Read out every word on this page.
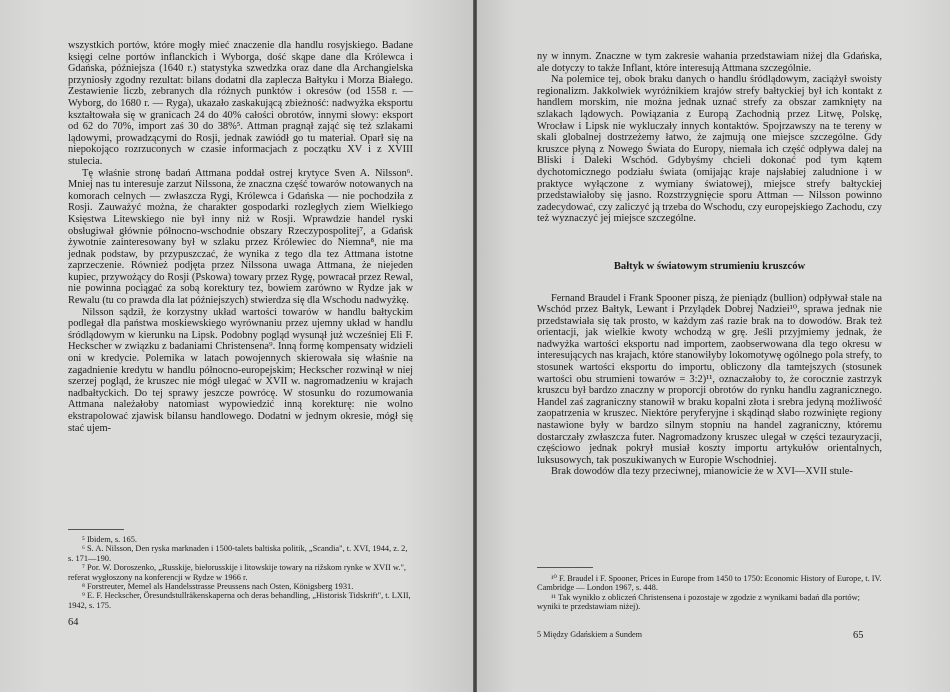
wszystkich portów, które mogły mieć znaczenie dla handlu rosyjskiego. Badane księgi celne portów inflanckich i Wyborga, dość skąpe dane dla Królewca i Gdańska, późniejsza (1640 r.) statystyka szwedzka oraz dane dla Archangielska przyniosły zgodny rezultat: bilans dodatni dla zaplecza Bałtyku i Morza Białego. Zestawienie liczb, zebranych dla różnych punktów i okresów (od 1558 r. — Wyborg, do 1680 r. — Ryga), ukazało zaskakującą zbieżność: nadwyżka eksportu kształtowała się w granicach 24 do 40% całości obrotów, innymi słowy: eksport od 62 do 70%, import zaś 30 do 38%⁵. Attman pragnął zająć się też szlakami lądowymi, prowadzącymi do Rosji, jednak zawiódł go tu materiał. Oparł się na niepokojąco rozrzuconych w czasie informacjach z początku XV i z XVIII stulecia.

Tę właśnie stronę badań Attmana poddał ostrej krytyce Sven A. Nilsson⁶. Mniej nas tu interesuje zarzut Nilssona, że znaczna część towarów notowanych na komorach celnych — zwłaszcza Rygi, Królewca i Gdańska — nie pochodziła z Rosji. Zauważyć można, że charakter gospodarki rozległych ziem Wielkiego Księstwa Litewskiego nie był inny niż w Rosji. Wprawdzie handel ryski obsługiwał głównie północno-wschodnie obszary Rzeczypospolitej⁷, a Gdańsk żywotnie zainteresowany był w szlaku przez Królewiec do Niemna⁸, nie ma jednak podstaw, by przypuszczać, że wynika z tego dla tez Attmana istotne zaprzeczenie. Również podjęta przez Nilssona uwaga Attmana, że niejeden kupiec, przywożący do Rosji (Pskowa) towary przez Rygę, powracał przez Rewal, nie powinna pociągać za sobą korektury tez, bowiem zarówno w Rydze jak w Rewalu (tu co prawda dla lat późniejszych) stwierdza się dla Wschodu nadwyżkę.

Nilsson sądził, że korzystny układ wartości towarów w handlu bałtyckim podlegał dla państwa moskiewskiego wyrównaniu przez ujemny układ w handlu śródlądowym w kierunku na Lipsk. Podobny pogląd wysunął już wcześniej Eli F. Heckscher w związku z badaniami Christensena⁹. Inną formę kompensaty widzieli oni w kredycie. Polemika w latach powojennych skierowała się właśnie na zagadnienie kredytu w handlu północno-europejskim; Heckscher rozwinął w niej szerzej pogląd, że kruszec nie mógł ulegać w XVII w. nagromadzeniu w krajach nadbałtyckich. Do tej sprawy jeszcze powrócę. W stosunku do rozumowania Attmana należałoby natomiast wypowiedzić inną korekturę: nie wolno ekstrapolować zjawisk bilansu handlowego. Dodatni w jednym okresie, mógł się stać ujem-

⁵ Ibidem, s. 165.

⁶ S. A. Nilsson, Den ryska marknaden i 1500-talets baltiska politik, „Scandia", t. XVI, 1944, z. 2, s. 171—190.

⁷ Por. W. Doroszenko, „Russkije, biełorusskije i litowskije towary na rižskom rynke w XVII w.", referat wygłoszony na konferencji w Rydze w 1966 r.

⁸ Forstreuter, Memel als Handelsstrasse Preussens nach Osten, Königsberg 1931.

⁹ E. F. Heckscher, Öresundstullräkenskaperna och deras behandling, „Historisk Tidskrift", t. LXII, 1942, s. 175.

64

ny w innym. Znaczne w tym zakresie wahania przedstawiam niżej dla Gdańska, ale dotyczy to także Inflant, które interesują Attmana szczególnie.

Na polemice tej, obok braku danych o handlu śródlądowym, zaciążył swoisty regionalizm. Jakkolwiek wyróżnikiem krajów strefy bałtyckiej był ich kontakt z handlem morskim, nie można jednak uznać strefy za obszar zamknięty na szlakach lądowych. Powiązania z Europą Zachodnią przez Litwę, Polskę, Wrocław i Lipsk nie wykluczały innych kontaktów. Spojrzawszy na te tereny w skali globalnej dostrzeżemy łatwo, że zajmują one miejsce szczególne. Gdy kruszce płyną z Nowego Świata do Europy, niemała ich część odpływa dalej na Bliski i Daleki Wschód. Gdybyśmy chcieli dokonać pod tym kątem dychotomicznego podziału świata (omijając kraje najsłabiej zaludnione i w praktyce wyłączone z wymiany światowej), miejsce strefy bałtyckiej przedstawiałoby się jasno. Rozstrzygnięcie sporu Attman — Nilsson powinno zadecydować, czy zaliczyć ją trzeba do Wschodu, czy europejskiego Zachodu, czy też wyznaczyć jej miejsce szczególne.

Bałtyk w światowym strumieniu kruszców

Fernand Braudel i Frank Spooner piszą, że pieniądz (bullion) odpływał stale na Wschód przez Bałtyk, Lewant i Przylądek Dobrej Nadziei¹⁰, sprawa jednak nie przedstawiała się tak prosto, w każdym zaś razie brak na to dowodów. Brak też orientacji, jak wielkie kwoty wchodzą w grę. Jeśli przyjmiemy jednak, że nadwyżka wartości eksportu nad importem, zaobserwowana dla tego okresu w interesujących nas krajach, które stanowiłyby lokomotywę ogólnego pola strefy, to stosunek wartości eksportu do importu, obliczony dla tamtejszych (stosunek wartości obu strumieni towarów = 3:2)¹¹, oznaczałoby to, że corocznie zastrzyk kruszcu był bardzo znaczny w proporcji obrotów do rynku handlu zagranicznego. Handel zaś zagraniczny stanowił w braku kopalni złota i srebra jedyną możliwość zaopatrzenia w kruszec. Niektóre peryferyjne i skądinąd słabo rozwinięte regiony nastawione były w bardzo silnym stopniu na handel zagraniczny, któremu dostarczały zwłaszcza futer. Nagromadzony kruszec ulegał w części tezauryzacji, częściowo jednak pokrył musiał koszty importu artykułów orientalnych, luksusowych, tak poszukiwanych w Europie Wschodniej.

Brak dowodów dla tezy przeciwnej, mianowicie że w XVI—XVII stule-

¹⁰ F. Braudel i F. Spooner, Prices in Europe from 1450 to 1750: Economic History of Europe, t. IV. Cambridge — London 1967, s. 448.

¹¹ Tak wynikło z obliczeń Christensena i pozostaje w zgodzie z wynikami badań dla portów; wyniki te przedstawiam niżej).

5 Między Gdańskiem a Sundem	65
